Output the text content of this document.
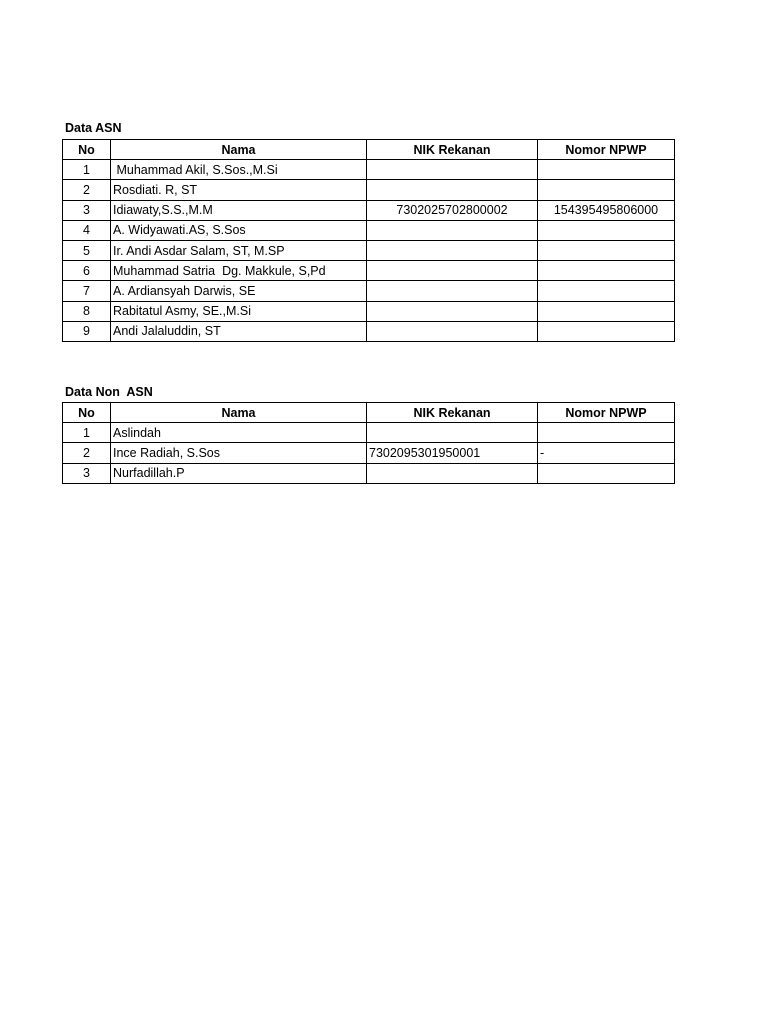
Data ASN
No	Nama	NIK Rekanan	Nomor NPWP
1	Muhammad Akil, S.Sos.,M.Si		
2	Rosdiati. R, ST		
3	Idiawaty,S.S.,M.M	7302025702800002	154395495806000
4	A. Widyawati.AS, S.Sos		
5	Ir. Andi Asdar Salam, ST, M.SP		
6	Muhammad Satria  Dg. Makkule, S,Pd		
7	A. Ardiansyah Darwis, SE		
8	Rabitatul Asmy, SE.,M.Si		
9	Andi Jalaluddin, ST		
Data Non  ASN
No	Nama	NIK Rekanan	Nomor NPWP
1	Aslindah		
2	Ince Radiah, S.Sos	7302095301950001	-
3	Nurfadillah.P		
